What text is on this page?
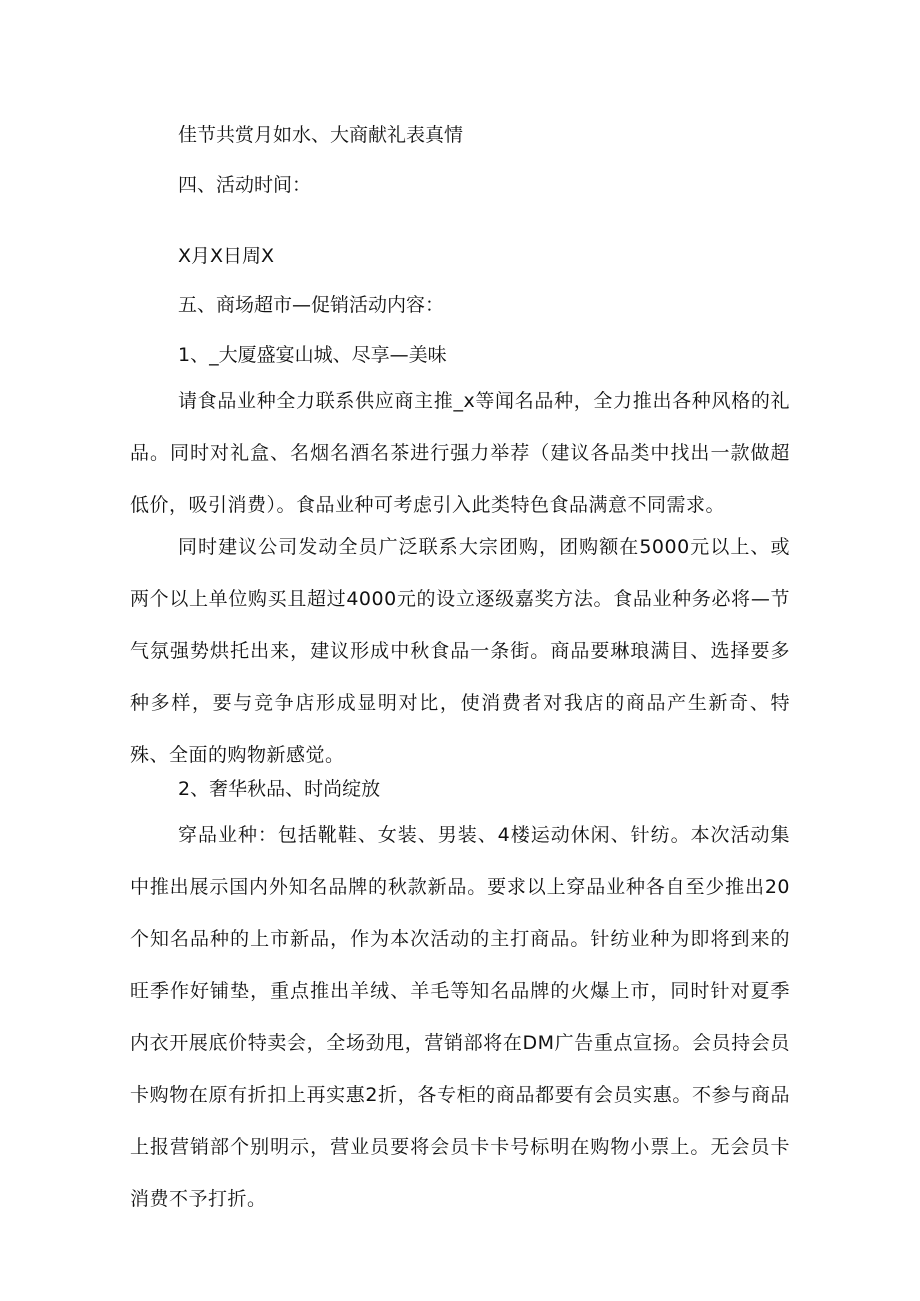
佳节共赏月如水、大商献礼表真情
四、活动时间：
X月X日周X
五、商场超市—促销活动内容：
1、_大厦盛宴山城、尽享—美味
请食品业种全力联系供应商主推_x等闻名品种，全力推出各种风格的礼品。同时对礼盒、名烟名酒名茶进行强力举荐（建议各品类中找出一款做超低价，吸引消费）。食品业种可考虑引入此类特色食品满意不同需求。
同时建议公司发动全员广泛联系大宗团购，团购额在5000元以上、或两个以上单位购买且超过4000元的设立逐级嘉奖方法。食品业种务必将—节气氛强势烘托出来，建议形成中秋食品一条街。商品要琳琅满目、选择要多种多样，要与竞争店形成显明对比，使消费者对我店的商品产生新奇、特殊、全面的购物新感觉。
2、奢华秋品、时尚绽放
穿品业种：包括靴鞋、女装、男装、4楼运动休闲、针纺。本次活动集中推出展示国内外知名品牌的秋款新品。要求以上穿品业种各自至少推出20个知名品种的上市新品，作为本次活动的主打商品。针纺业种为即将到来的旺季作好铺垫，重点推出羊绒、羊毛等知名品牌的火爆上市，同时针对夏季内衣开展底价特卖会，全场劲甩，营销部将在DM广告重点宣扬。会员持会员卡购物在原有折扣上再实惠2折，各专柜的商品都要有会员实惠。不参与商品上报营销部个别明示，营业员要将会员卡卡号标明在购物小票上。无会员卡消费不予打折。
